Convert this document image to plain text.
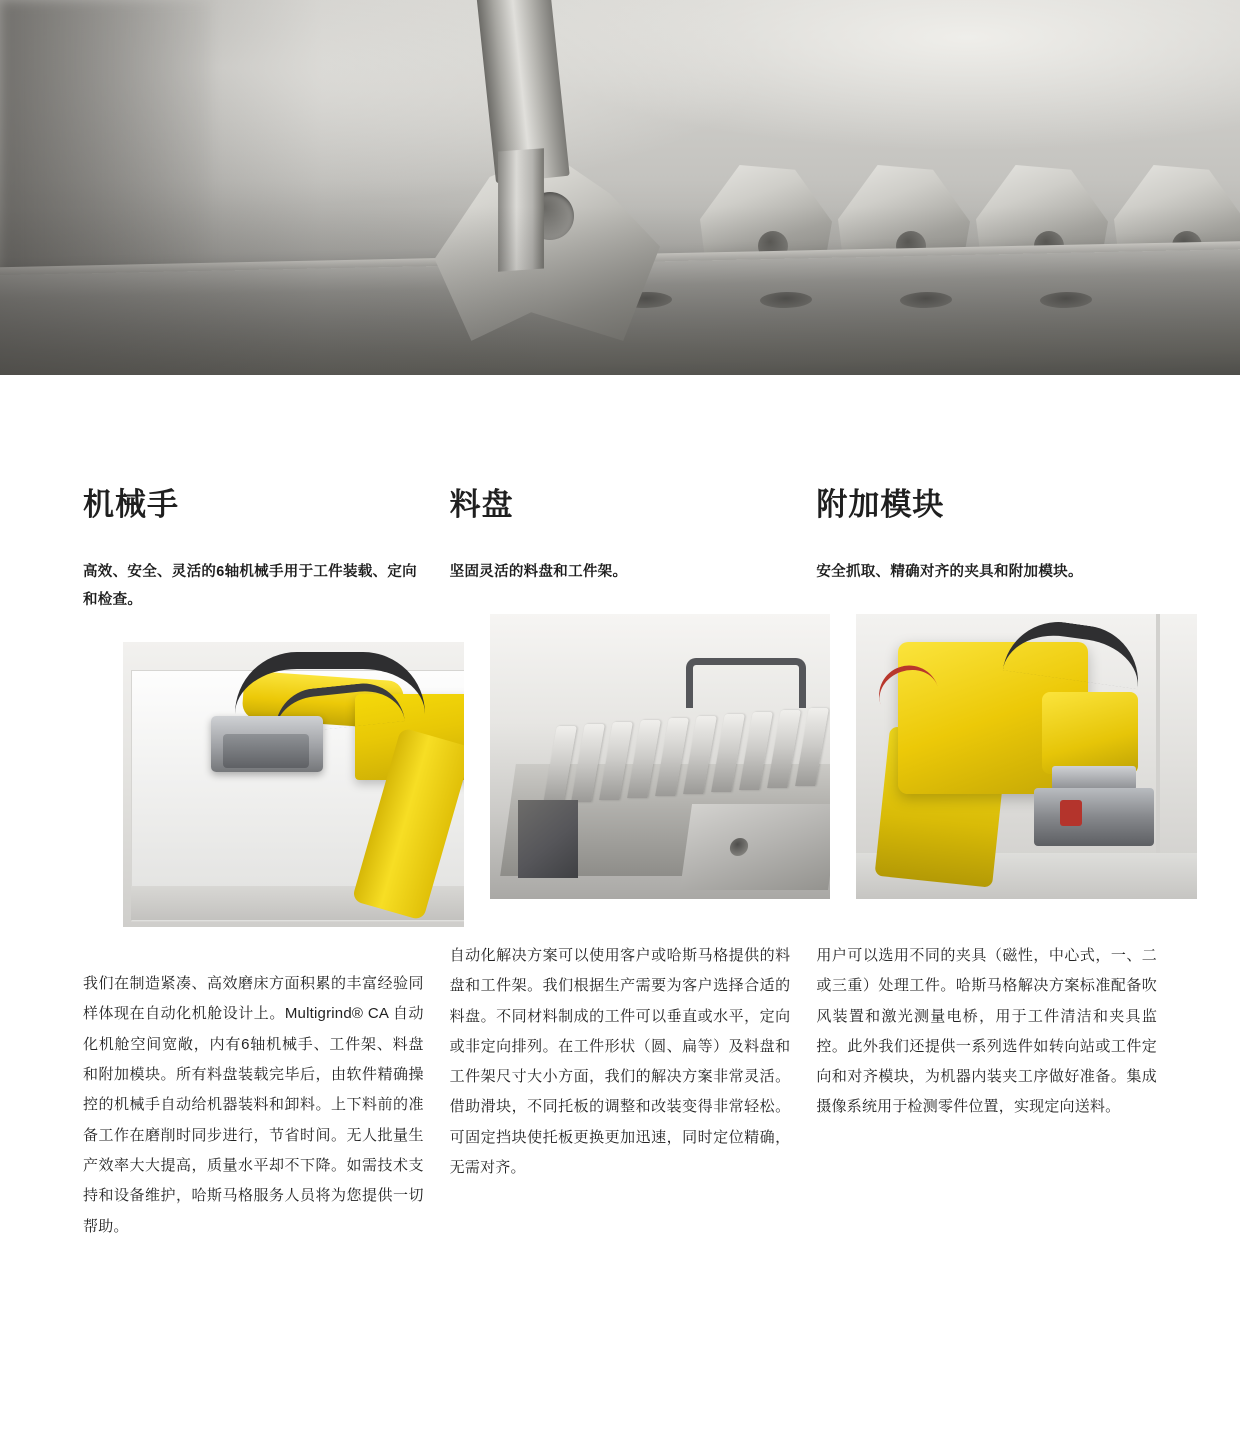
机械手

高效、安全、灵活的6轴机械手用于工件装载、定向和检查。

我们在制造紧凑、高效磨床方面积累的丰富经验同样体现在自动化机舱设计上。Multigrind® CA 自动化机舱空间宽敞，内有6轴机械手、工件架、料盘和附加模块。所有料盘装载完毕后，由软件精确操控的机械手自动给机器装料和卸料。上下料前的准备工作在磨削时同步进行，节省时间。无人批量生产效率大大提高，质量水平却不下降。如需技术支持和设备维护，哈斯马格服务人员将为您提供一切帮助。

料盘

坚固灵活的料盘和工件架。

自动化解决方案可以使用客户或哈斯马格提供的料盘和工件架。我们根据生产需要为客户选择合适的料盘。不同材料制成的工件可以垂直或水平，定向或非定向排列。在工件形状（圆、扁等）及料盘和工件架尺寸大小方面，我们的解决方案非常灵活。借助滑块，不同托板的调整和改装变得非常轻松。可固定挡块使托板更换更加迅速，同时定位精确，无需对齐。

附加模块

安全抓取、精确对齐的夹具和附加模块。

用户可以选用不同的夹具（磁性，中心式，一、二或三重）处理工件。哈斯马格解决方案标准配备吹风装置和激光测量电桥，用于工件清洁和夹具监控。此外我们还提供一系列选件如转向站或工件定向和对齐模块，为机器内装夹工序做好准备。集成摄像系统用于检测零件位置，实现定向送料。
